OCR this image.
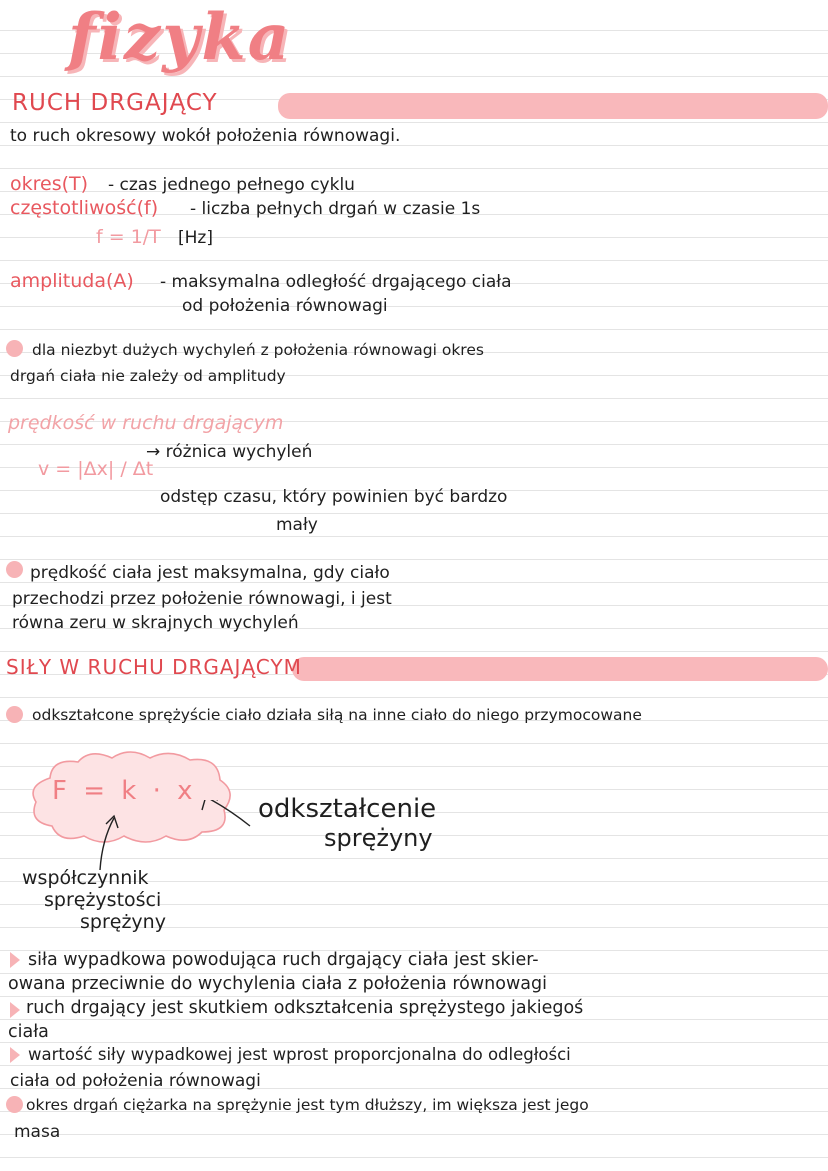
fizyka
RUCH DRGAJĄCY
to ruch okresowy wokół położenia równowagi.
okres(T) - czas jednego pełnego cyklu
częstotliwość(f) - liczba pełnych drgań w czasie 1s
f = 1/T [Hz]
amplituda(A) - maksymalna odległość drgającego ciała
od położenia równowagi
dla niezbyt dużych wychyleń z położenia równowagi okres
drgań ciała nie zależy od amplitudy
prędkość w ruchu drgającym
v = |Δx| / Δt
→ różnica wychyleń
odstęp czasu, który powinien być bardzo
mały
prędkość ciała jest maksymalna, gdy ciało
przechodzi przez położenie równowagi, i jest
równa zeru w skrajnych wychyleń
SIŁY W RUCHU DRGAJĄCYM
odkształcone sprężyście ciało działa siłą na inne ciało do niego przymocowane
F = k · x
odkształcenie
sprężyny
współczynnik
sprężystości
sprężyny
siła wypadkowa powodująca ruch drgający ciała jest skier-
owana przeciwnie do wychylenia ciała z położenia równowagi
ruch drgający jest skutkiem odkształcenia sprężystego jakiegoś
ciała
wartość siły wypadkowej jest wprost proporcjonalna do odległości
ciała od położenia równowagi
okres drgań ciężarka na sprężynie jest tym dłuższy, im większa jest jego
masa
